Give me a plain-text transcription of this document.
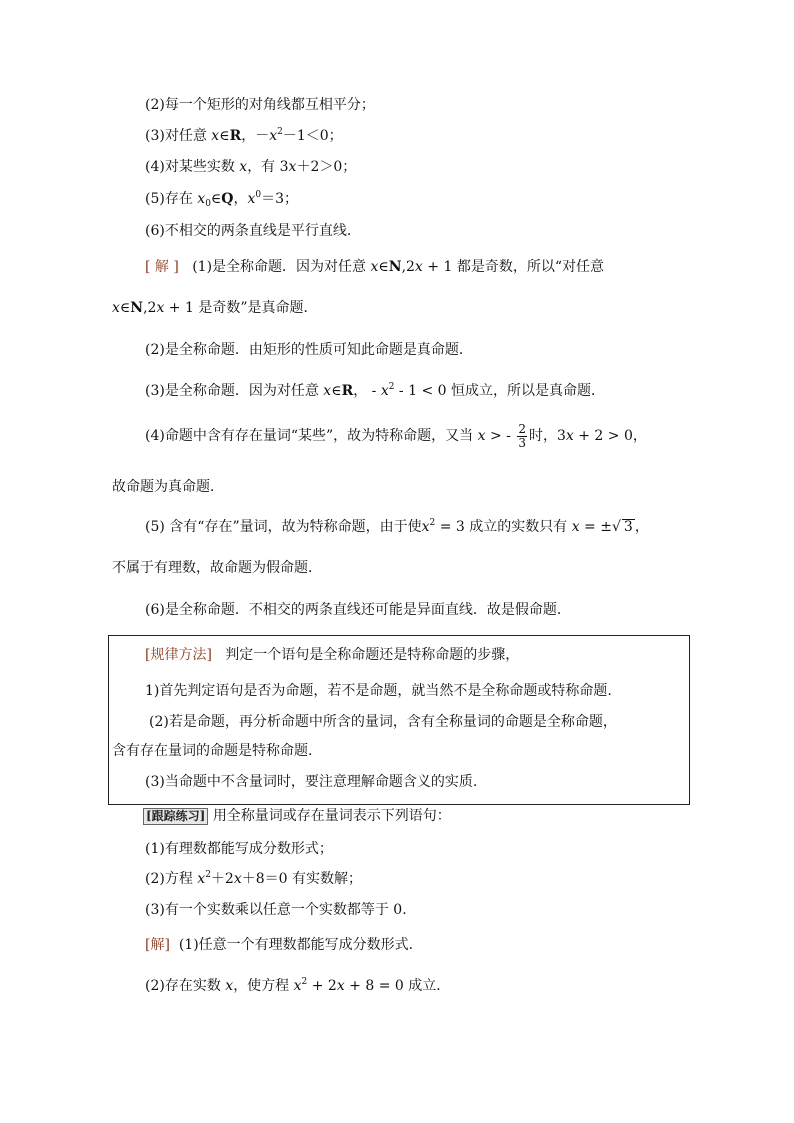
(2)每一个矩形的对角线都互相平分；
(3)对任意 x∈R，$-x^2-1<0$；
(4)对某些实数 x，有 3x＋2＞0；
(5)存在 $x_0\in Q$，$x^0=3$；
(6)不相交的两条直线是平行直线．
[ 解 ] (1)是全称命题．因为对任意 x∈N,2x + 1 都是奇数，所以“对任意
x∈N,2x + 1 是奇数”是真命题．
(2)是全称命题．由矩形的性质可知此命题是真命题．
(3)是全称命题．因为对任意 x∈R， - $x^2 - 1 < 0$ 恒成立，所以是真命题．
(4)命题中含有存在量词“某些”，故为特称命题，又当 x > - $\frac{2}{3}$ 时，3x + 2 > 0，
故命题为真命题．
(5) 含有“存在”量词，故为特称命题，由于使$x^2 = 3$ 成立的实数只有 x = ±√ 3 ，
不属于有理数，故命题为假命题．
(6)是全称命题．不相交的两条直线还可能是异面直线．故是假命题．
[规律方法] 判定一个语句是全称命题还是特称命题的步骤，
1)首先判定语句是否为命题，若不是命题，就当然不是全称命题或特称命题.
(2)若是命题，再分析命题中所含的量词，含有全称量词的命题是全称命题，
含有存在量词的命题是特称命题.
(3)当命题中不含量词时，要注意理解命题含义的实质.
[跟踪练习] 用全称量词或存在量词表示下列语句：
(1)有理数都能写成分数形式；
(2)方程 $x^2+2x+8=0$ 有实数解；
(3)有一个实数乘以任意一个实数都等于 0.
[解] (1)任意一个有理数都能写成分数形式．
(2)存在实数 x，使方程 $x^2 + 2x + 8 = 0$ 成立．
